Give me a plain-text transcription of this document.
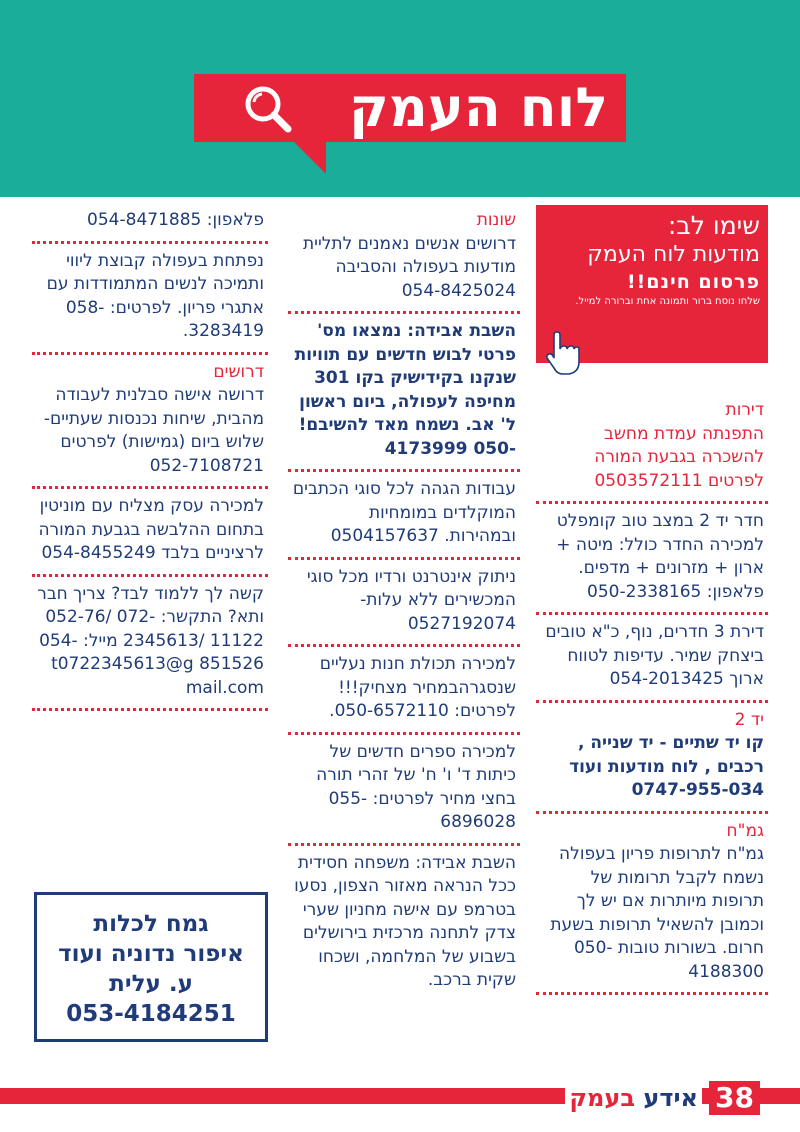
לוח העמק
שימו לב:
מודעות לוח העמק
פרסום חינם!!
שלחו נוסח ברור ותמונה אחת וברורה למייל.
דירות
התפנתה עמדת מחשב להשכרה בגבעת המורה לפרטים 0503572111
חדר יד 2 במצב טוב קומפלט למכירה החדר כולל: מיטה + ארון + מזרונים + מדפים. פלאפון: 050-2338165
דירת 3 חדרים, נוף, כ"א טובים ביצחק שמיר. עדיפות לטווח ארוך 054-2013425
יד 2
קו יד שתיים - יד שנייה , רכבים , לוח מודעות ועוד 0747-955-034
גמ"ח
גמ"ח לתרופות פריון בעפולה נשמח לקבל תרומות של תרופות מיותרות אם יש לך וכמובן להשאיל תרופות בשעת חרום. בשורות טובות 050-4188300
שונות
דרושים אנשים נאמנים לתליית מודעות בעפולה והסביבה 054-8425024
השבת אבידה: נמצאו מס' פרטי לבוש חדשים עם תוויות שנקנו בקידישיק בקו 301 מחיפה לעפולה, ביום ראשון ל' אב. נשמח מאד להשיבם! -050 4173999
עבודות הגהה לכל סוגי הכתבים המוקלדים במומחיות ובמהירות. 0504157637
ניתוק אינטרנט ורדיו מכל סוגי המכשירים ללא עלות- 0527192074
למכירה תכולת חנות נעליים שנסגרהבמחיר מצחיק!!! לפרטים: 050-6572110.
למכירה ספרים חדשים של כיתות ד' ו' ח' של זהרי תורה בחצי מחיר לפרטים: 055-6896028
השבת אבידה: משפחה חסידית ככל הנראה מאזור הצפון, נסעו בטרמפ עם אישה מחניון שערי צדק לתחנה מרכזית בירושלים בשבוע של המלחמה, ושכחו שקית ברכב.
פלאפון: 054-8471885
נפתחת בעפולה קבוצת ליווי ותמיכה לנשים המתמודדות עם אתגרי פריון. לפרטים: 058-3283419.
דרושים
דרושה אישה סבלנית לעבודה מהבית, שיחות נכנסות שעתיים- שלוש ביום (גמישות) לפרטים 052-7108721
למכירה עסק מצליח עם מוניטין בתחום ההלבשה בגבעת המורה לרציניים בלבד 054-8455249
קשה לך ללמוד לבד? צריך חברותא? התקשר: -072 /052-7611122 /2345613 מייל: 054-851526 t0722345613@gmail.com
גמח לכלות
איפור נדוניה ועוד
ע. עלית
053-4184251
אידע בעמק	38
